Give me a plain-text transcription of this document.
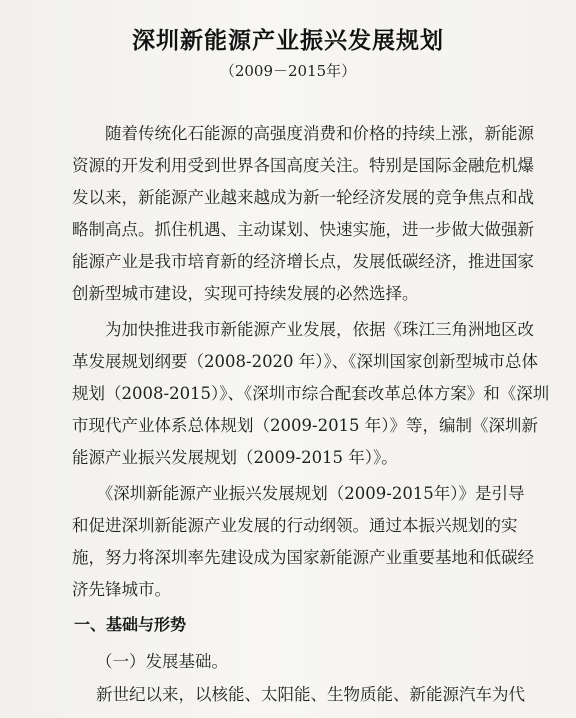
深圳新能源产业振兴发展规划
（2009－2015年）

　　随着传统化石能源的高强度消费和价格的持续上涨，新能源
资源的开发利用受到世界各国高度关注。特别是国际金融危机爆
发以来，新能源产业越来越成为新一轮经济发展的竞争焦点和战
略制高点。抓住机遇、主动谋划、快速实施，进一步做大做强新
能源产业是我市培育新的经济增长点，发展低碳经济，推进国家
创新型城市建设，实现可持续发展的必然选择。

　　为加快推进我市新能源产业发展，依据《珠江三角洲地区改
革发展规划纲要（2008-2020 年）》、《深圳国家创新型城市总体
规划（2008-2015）》、《深圳市综合配套改革总体方案》和《深圳
市现代产业体系总体规划（2009-2015 年）》等，编制《深圳新
能源产业振兴发展规划（2009-2015 年）》。

　　《深圳新能源产业振兴发展规划（2009-2015年）》是引导
和促进深圳新能源产业发展的行动纲领。通过本振兴规划的实
施，努力将深圳率先建设成为国家新能源产业重要基地和低碳经
济先锋城市。

一、基础与形势
（一）发展基础。
新世纪以来，以核能、太阳能、生物质能、新能源汽车为代
